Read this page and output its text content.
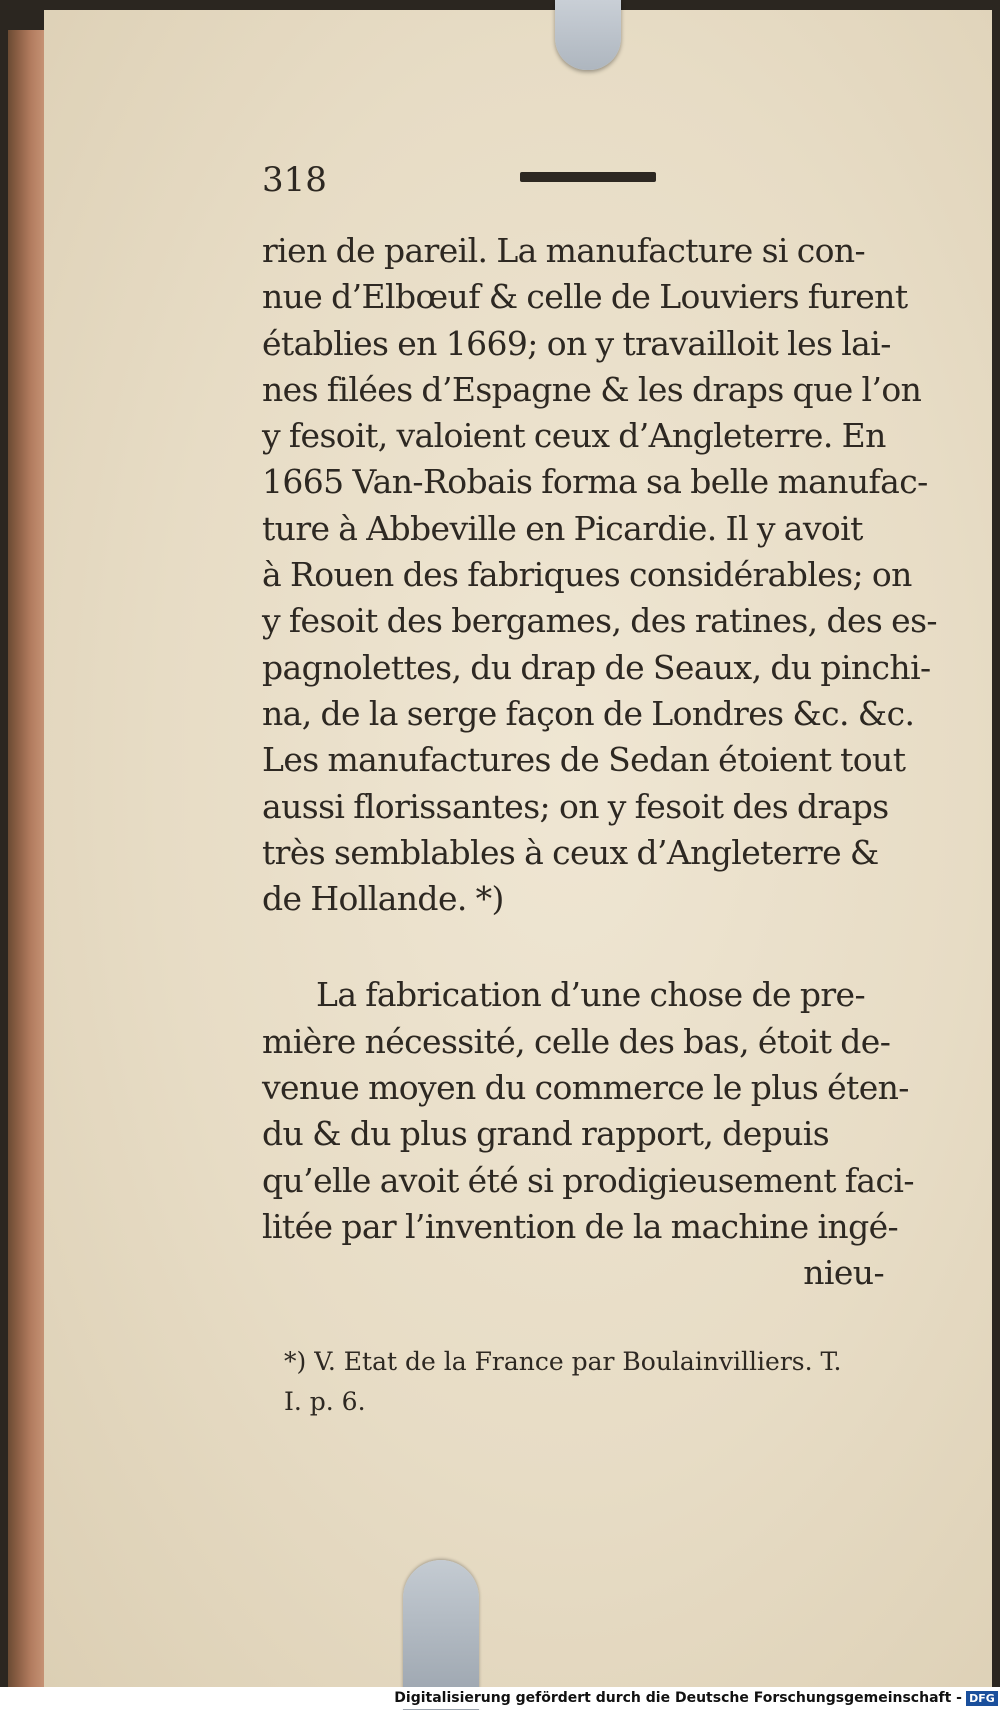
318
rien de pareil. La manufacture si con-
nue d’Elbœuf & celle de Louviers furent
établies en 1669; on y travailloit les lai-
nes filées d’Espagne & les draps que l’on
y fesoit, valoient ceux d’Angleterre. En
1665 Van-Robais forma sa belle manufac-
ture à Abbeville en Picardie. Il y avoit
à Rouen des fabriques considérables; on
y fesoit des bergames, des ratines, des es-
pagnolettes, du drap de Seaux, du pinchi-
na, de la serge façon de Londres &c. &c.
Les manufactures de Sedan étoient tout
aussi florissantes; on y fesoit des draps
très semblables à ceux d’Angleterre &
de Hollande. *)
La fabrication d’une chose de pre-
mière nécessité, celle des bas, étoit de-
venue moyen du commerce le plus éten-
du & du plus grand rapport, depuis
qu’elle avoit été si prodigieusement faci-
litée par l’invention de la machine ingé-
nieu-
*) V. Etat de la France par Boulainvilliers. T.
I. p. 6.
Digitalisierung gefördert durch die Deutsche Forschungsgemeinschaft - DFG
